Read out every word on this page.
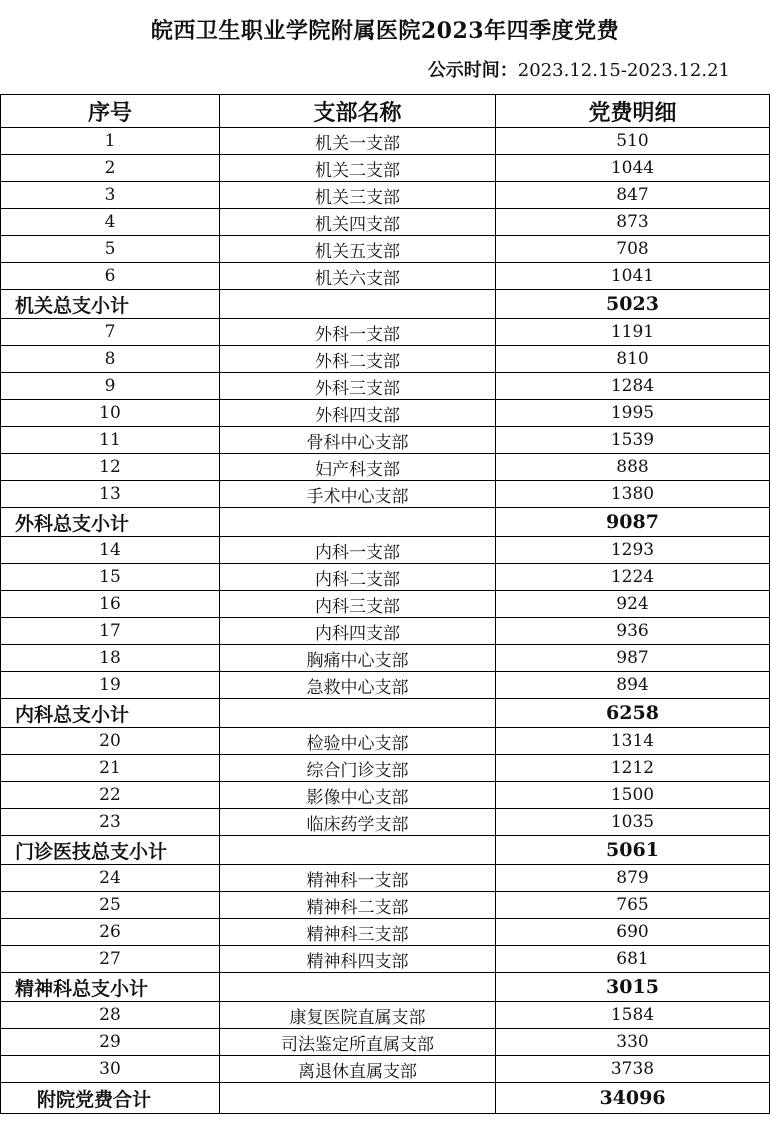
皖西卫生职业学院附属医院2023年四季度党费
公示时间：2023.12.15-2023.12.21
序号	支部名称	党费明细
1	机关一支部	510
2	机关二支部	1044
3	机关三支部	847
4	机关四支部	873
5	机关五支部	708
6	机关六支部	1041
机关总支小计		5023
7	外科一支部	1191
8	外科二支部	810
9	外科三支部	1284
10	外科四支部	1995
11	骨科中心支部	1539
12	妇产科支部	888
13	手术中心支部	1380
外科总支小计		9087
14	内科一支部	1293
15	内科二支部	1224
16	内科三支部	924
17	内科四支部	936
18	胸痛中心支部	987
19	急救中心支部	894
内科总支小计		6258
20	检验中心支部	1314
21	综合门诊支部	1212
22	影像中心支部	1500
23	临床药学支部	1035
门诊医技总支小计		5061
24	精神科一支部	879
25	精神科二支部	765
26	精神科三支部	690
27	精神科四支部	681
精神科总支小计		3015
28	康复医院直属支部	1584
29	司法鉴定所直属支部	330
30	离退休直属支部	3738
附院党费合计		34096
